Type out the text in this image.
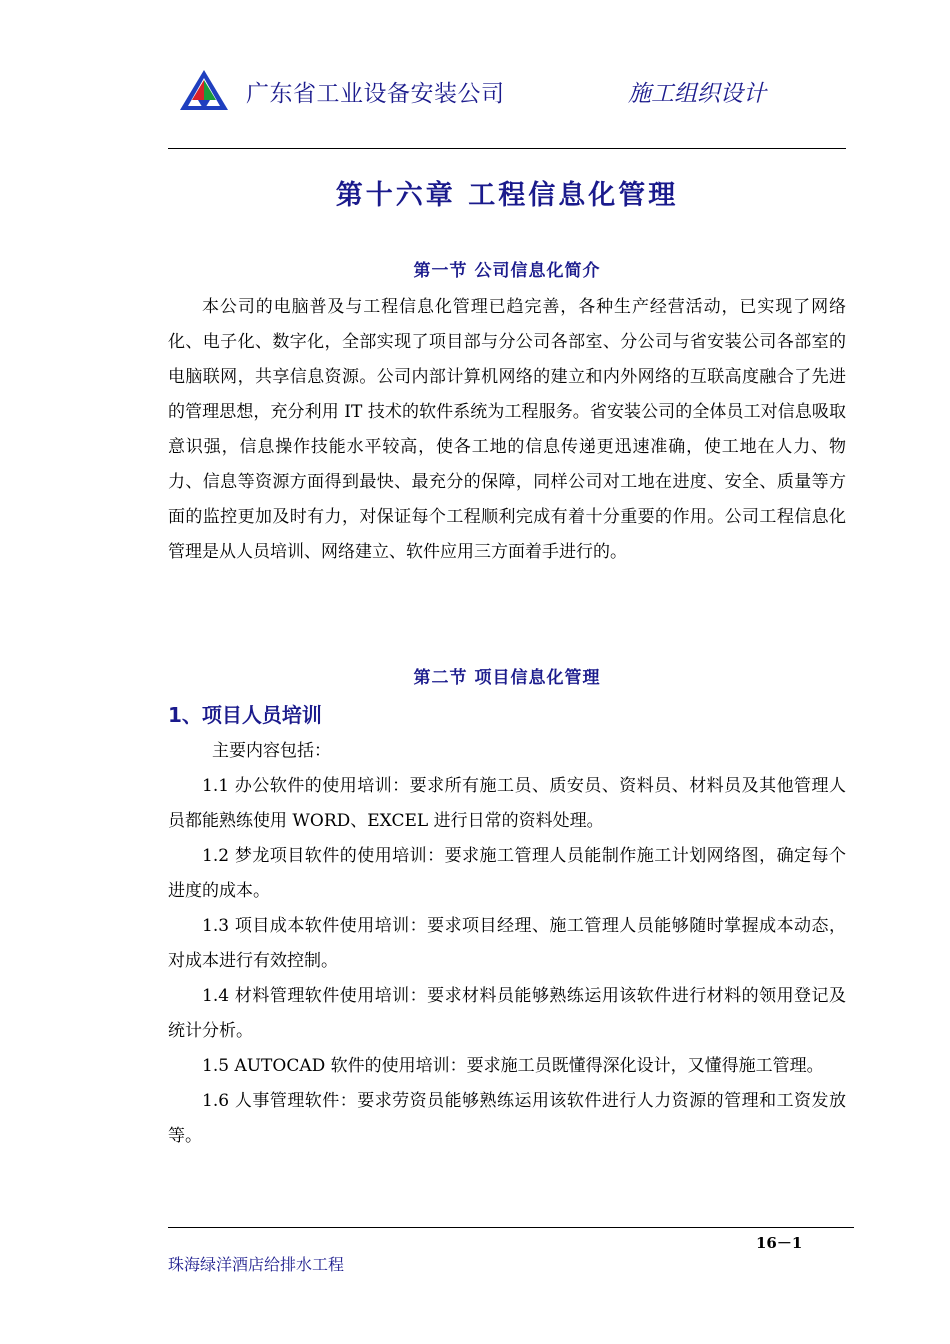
广东省工业设备安装公司	施工组织设计
第十六章 工程信息化管理
第一节 公司信息化简介
本公司的电脑普及与工程信息化管理已趋完善，各种生产经营活动，已实现了网络化、电子化、数字化，全部实现了项目部与分公司各部室、分公司与省安装公司各部室的电脑联网，共享信息资源。公司内部计算机网络的建立和内外网络的互联高度融合了先进的管理思想，充分利用 IT 技术的软件系统为工程服务。省安装公司的全体员工对信息吸取意识强，信息操作技能水平较高，使各工地的信息传递更迅速准确，使工地在人力、物力、信息等资源方面得到最快、最充分的保障，同样公司对工地在进度、安全、质量等方面的监控更加及时有力，对保证每个工程顺利完成有着十分重要的作用。公司工程信息化管理是从人员培训、网络建立、软件应用三方面着手进行的。
第二节 项目信息化管理
1、项目人员培训

主要内容包括：

1.1 办公软件的使用培训：要求所有施工员、质安员、资料员、材料员及其他管理人员都能熟练使用 WORD、EXCEL 进行日常的资料处理。

1.2 梦龙项目软件的使用培训：要求施工管理人员能制作施工计划网络图，确定每个进度的成本。

1.3 项目成本软件使用培训：要求项目经理、施工管理人员能够随时掌握成本动态，对成本进行有效控制。

1.4 材料管理软件使用培训：要求材料员能够熟练运用该软件进行材料的领用登记及统计分析。

1.5 AUTOCAD 软件的使用培训：要求施工员既懂得深化设计，又懂得施工管理。

1.6 人事管理软件：要求劳资员能够熟练运用该软件进行人力资源的管理和工资发放等。

16－1
珠海绿洋酒店给排水工程
